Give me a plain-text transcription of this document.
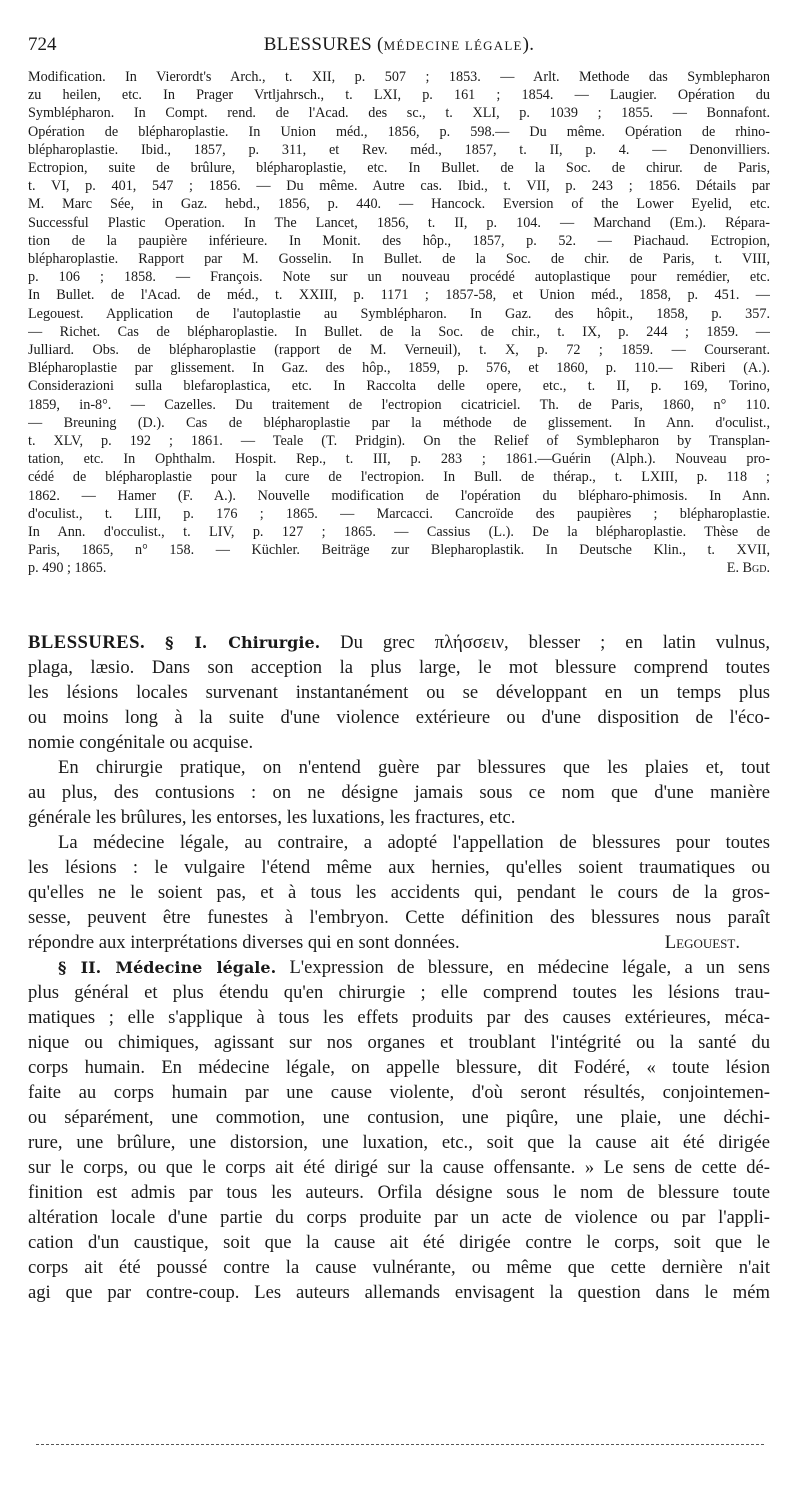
724	BLESSURES (MÉDECINE LÉGALE).
Modification. In Vierordt's Arch., t. XII, p. 507 ; 1853. — Arlt. Methode das Symblepharon
zu heilen, etc. In Prager Vrtljahrsch., t. LXI, p. 161 ; 1854. — Laugier. Opération du
Symblépharon. In Compt. rend. de l'Acad. des sc., t. XLI, p. 1039 ; 1855. — Bonnafont.
Opération de blépharoplastie. In Union méd., 1856, p. 598.— Du même. Opération de rhino-
blépharoplastie. Ibid., 1857, p. 311, et Rev. méd., 1857, t. II, p. 4. — Denonvilliers.
Ectropion, suite de brûlure, blépharoplastie, etc. In Bullet. de la Soc. de chirur. de Paris,
t. VI, p. 401, 547 ; 1856. — Du même. Autre cas. Ibid., t. VII, p. 243 ; 1856. Détails par
M. Marc Sée, in Gaz. hebd., 1856, p. 440. — Hancock. Eversion of the Lower Eyelid, etc.
Successful Plastic Operation. In The Lancet, 1856, t. II, p. 104. — Marchand (Em.). Répara-
tion de la paupière inférieure. In Monit. des hôp., 1857, p. 52. — Piachaud. Ectropion,
blépharoplastie. Rapport par M. Gosselin. In Bullet. de la Soc. de chir. de Paris, t. VIII,
p. 106 ; 1858. — François. Note sur un nouveau procédé autoplastique pour remédier, etc.
In Bullet. de l'Acad. de méd., t. XXIII, p. 1171 ; 1857-58, et Union méd., 1858, p. 451. —
Legouest. Application de l'autoplastie au Symblépharon. In Gaz. des hôpit., 1858, p. 357.
— Richet. Cas de blépharoplastie. In Bullet. de la Soc. de chir., t. IX, p. 244 ; 1859. —
Julliard. Obs. de blépharoplastie (rapport de M. Verneuil), t. X, p. 72 ; 1859. — Courserant.
Blépharoplastie par glissement. In Gaz. des hôp., 1859, p. 576, et 1860, p. 110.— Riberi (A.).
Considerazioni sulla blefaroplastica, etc. In Raccolta delle opere, etc., t. II, p. 169, Torino,
1859, in-8°. — Cazelles. Du traitement de l'ectropion cicatriciel. Th. de Paris, 1860, n° 110.
— Breuning (D.). Cas de blépharoplastie par la méthode de glissement. In Ann. d'oculist.,
t. XLV, p. 192 ; 1861. — Teale (T. Pridgin). On the Relief of Symblepharon by Transplan-
tation, etc. In Ophthalm. Hospit. Rep., t. III, p. 283 ; 1861.—Guérin (Alph.). Nouveau pro-
cédé de blépharoplastie pour la cure de l'ectropion. In Bull. de thérap., t. LXIII, p. 118 ;
1862. — Hamer (F. A.). Nouvelle modification de l'opération du blépharo-phimosis. In Ann.
d'oculist., t. LIII, p. 176 ; 1865. — Marcacci. Cancroïde des paupières ; blépharoplastie.
In Ann. d'occulist., t. LIV, p. 127 ; 1865. — Cassius (L.). De la blépharoplastie. Thèse de
Paris, 1865, n° 158. — Küchler. Beiträge zur Blepharoplastik. In Deutsche Klin., t. XVII,
p. 490 ; 1865.	E. Bgd.
BLESSURES. § I. Chirurgie. Du grec πλήσσειν, blesser ; en latin vulnus,
plaga, læsio. Dans son acception la plus large, le mot blessure comprend toutes
les lésions locales survenant instantanément ou se développant en un temps plus
ou moins long à la suite d'une violence extérieure ou d'une disposition de l'éco-
nomie congénitale ou acquise.
En chirurgie pratique, on n'entend guère par blessures que les plaies et, tout
au plus, des contusions : on ne désigne jamais sous ce nom que d'une manière
générale les brûlures, les entorses, les luxations, les fractures, etc.
La médecine légale, au contraire, a adopté l'appellation de blessures pour toutes
les lésions : le vulgaire l'étend même aux hernies, qu'elles soient traumatiques ou
qu'elles ne le soient pas, et à tous les accidents qui, pendant le cours de la gros-
sesse, peuvent être funestes à l'embryon. Cette définition des blessures nous paraît
répondre aux interprétations diverses qui en sont données.	Legouest.
§ II. Médecine légale. L'expression de blessure, en médecine légale, a un sens
plus général et plus étendu qu'en chirurgie ; elle comprend toutes les lésions trau-
matiques ; elle s'applique à tous les effets produits par des causes extérieures, méca-
nique ou chimiques, agissant sur nos organes et troublant l'intégrité ou la santé du
corps humain. En médecine légale, on appelle blessure, dit Fodéré, « toute lésion
faite au corps humain par une cause violente, d'où seront résultés, conjointemen-
ou séparément, une commotion, une contusion, une piqûre, une plaie, une déchi-
rure, une brûlure, une distorsion, une luxation, etc., soit que la cause ait été dirigée
sur le corps, ou que le corps ait été dirigé sur la cause offensante. » Le sens de cette dé-
finition est admis par tous les auteurs. Orfila désigne sous le nom de blessure toute
altération locale d'une partie du corps produite par un acte de violence ou par l'appli-
cation d'un caustique, soit que la cause ait été dirigée contre le corps, soit que le
corps ait été poussé contre la cause vulnérante, ou même que cette dernière n'ait
agi que par contre-coup. Les auteurs allemands envisagent la question dans le mém
